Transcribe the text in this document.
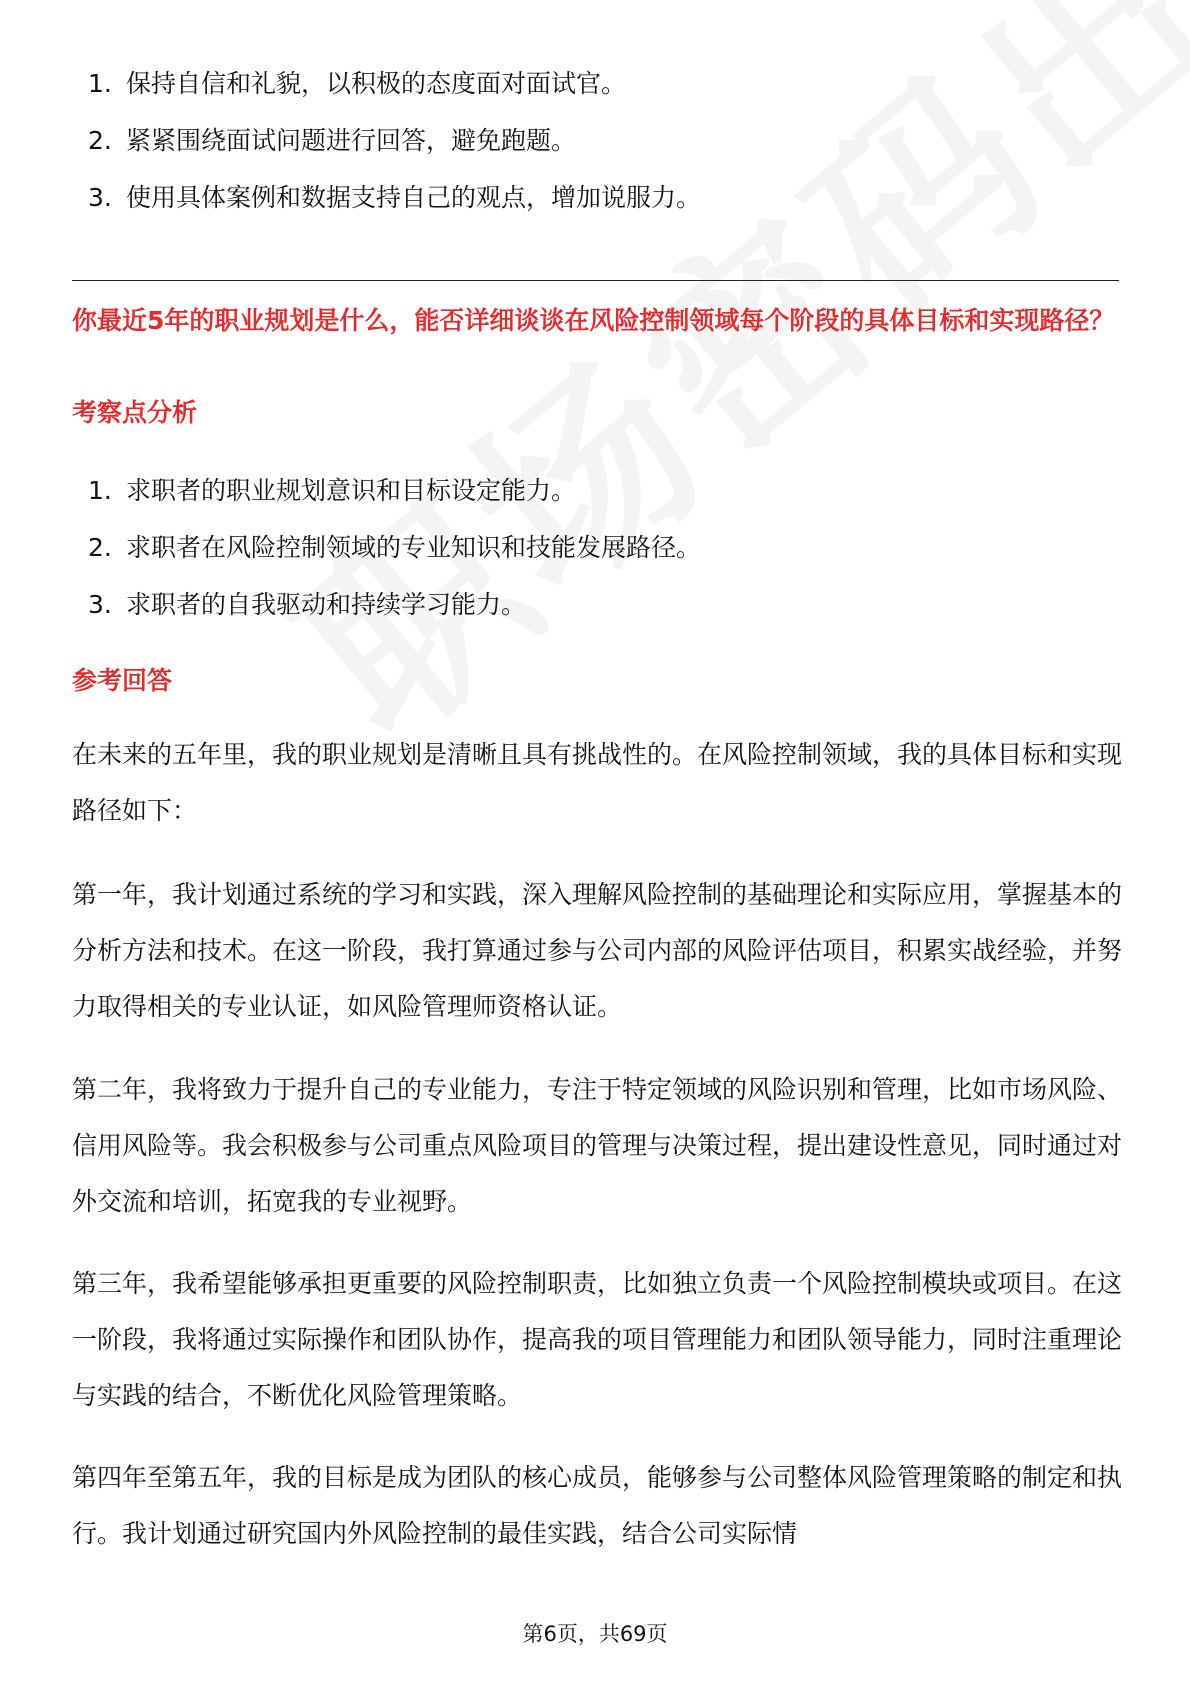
1. 保持自信和礼貌，以积极的态度面对面试官。
2. 紧紧围绕面试问题进行回答，避免跑题。
3. 使用具体案例和数据支持自己的观点，增加说服力。
你最近5年的职业规划是什么，能否详细谈谈在风险控制领域每个阶段的具体目标和实现路径？
考察点分析
1. 求职者的职业规划意识和目标设定能力。
2. 求职者在风险控制领域的专业知识和技能发展路径。
3. 求职者的自我驱动和持续学习能力。
参考回答

在未来的五年里，我的职业规划是清晰且具有挑战性的。在风险控制领域，我的具体目标和实现路径如下：

第一年，我计划通过系统的学习和实践，深入理解风险控制的基础理论和实际应用，掌握基本的分析方法和技术。在这一阶段，我打算通过参与公司内部的风险评估项目，积累实战经验，并努力取得相关的专业认证，如风险管理师资格认证。

第二年，我将致力于提升自己的专业能力，专注于特定领域的风险识别和管理，比如市场风险、信用风险等。我会积极参与公司重点风险项目的管理与决策过程，提出建设性意见，同时通过对外交流和培训，拓宽我的专业视野。

第三年，我希望能够承担更重要的风险控制职责，比如独立负责一个风险控制模块或项目。在这一阶段，我将通过实际操作和团队协作，提高我的项目管理能力和团队领导能力，同时注重理论与实践的结合，不断优化风险管理策略。

第四年至第五年，我的目标是成为团队的核心成员，能够参与公司整体风险管理策略的制定和执行。我计划通过研究国内外风险控制的最佳实践，结合公司实际情

第6页，共69页
